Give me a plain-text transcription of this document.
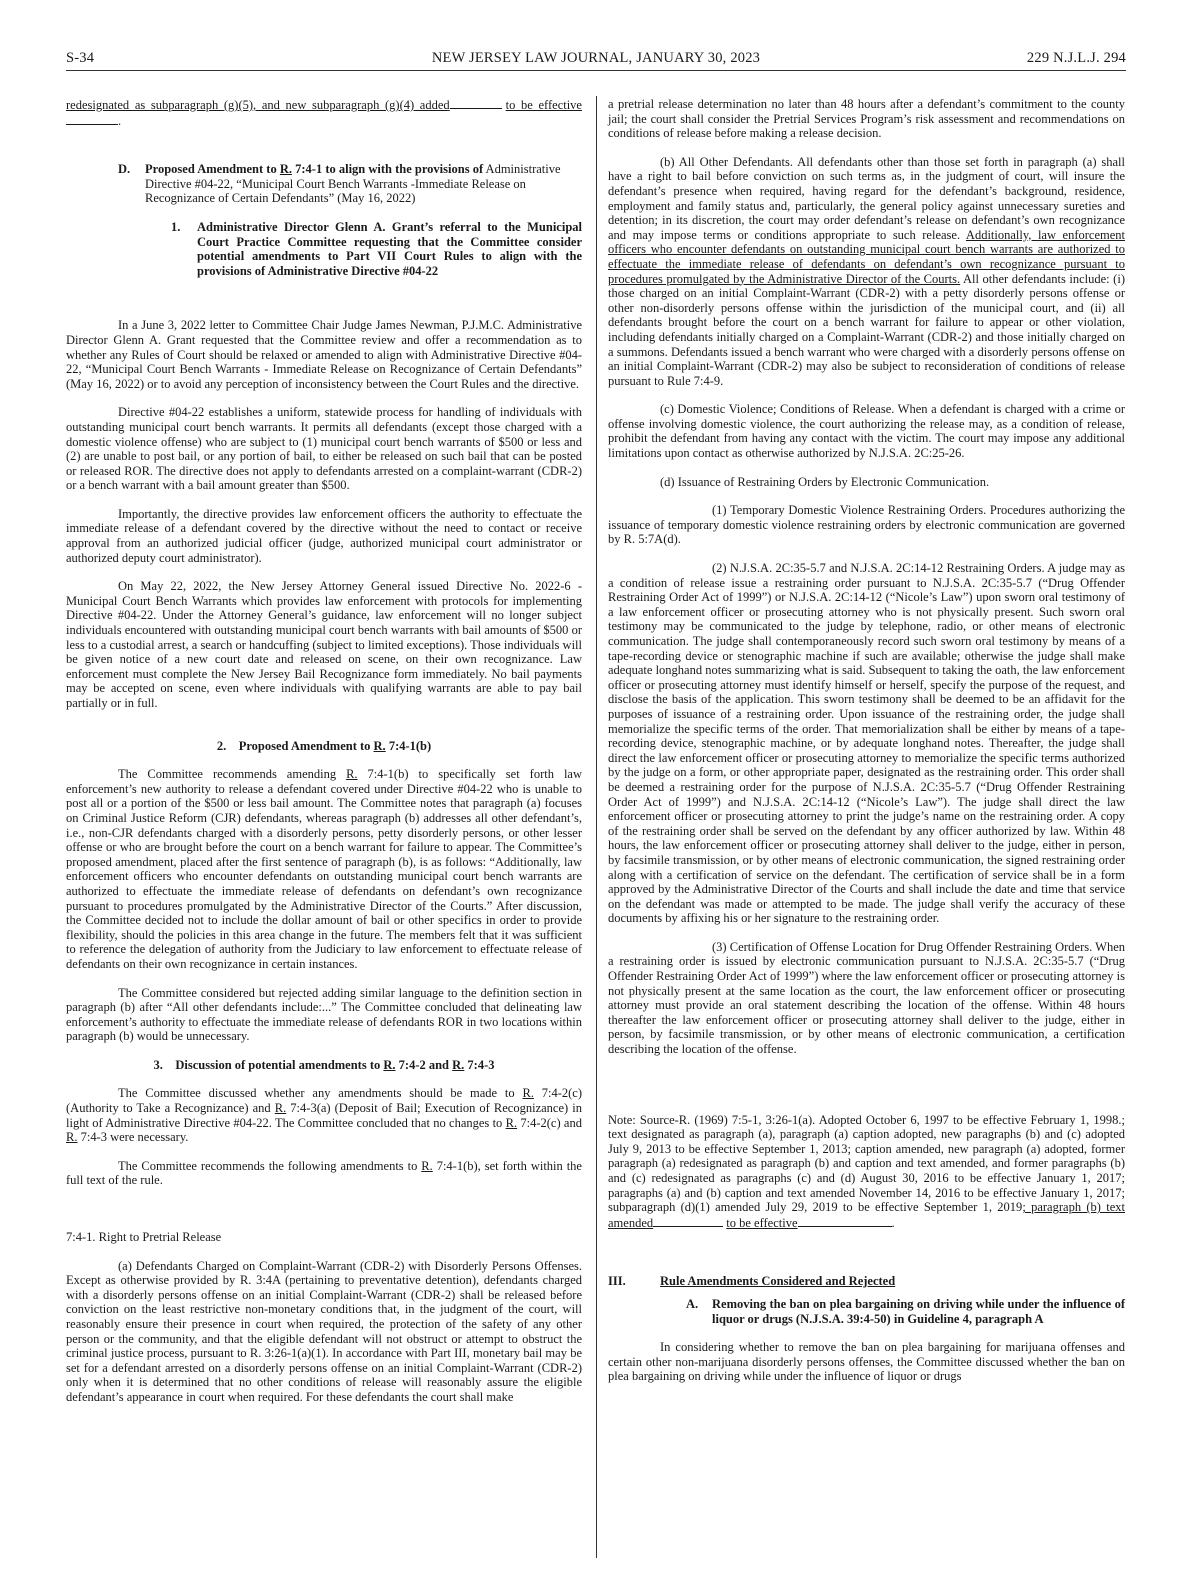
S-34	NEW JERSEY LAW JOURNAL, JANUARY 30, 2023	229 N.J.L.J. 294

redesignated as subparagraph (g)(5), and new subparagraph (g)(4) added	to be effective.

D.	Proposed Amendment to R. 7:4-1 to align with the provisions of Administrative Directive #04-22, “Municipal Court Bench Warrants -Immediate Release on Recognizance of Certain Defendants” (May 16, 2022)
1.	Administrative Director Glenn A. Grant’s referral to the Municipal Court Practice Committee requesting that the Committee consider potential amendments to Part VII Court Rules to align with the provisions of Administrative Directive #04-22

In a June 3, 2022 letter to Committee Chair Judge James Newman, P.J.M.C. Administrative Director Glenn A. Grant requested that the Committee review and offer a recommendation as to whether any Rules of Court should be relaxed or amended to align with Administrative Directive #04-22, “Municipal Court Bench Warrants - Immediate Release on Recognizance of Certain Defendants” (May 16, 2022) or to avoid any perception of inconsistency between the Court Rules and the directive.

Directive #04-22 establishes a uniform, statewide process for handling of individuals with outstanding municipal court bench warrants. It permits all defendants (except those charged with a domestic violence offense) who are subject to (1) municipal court bench warrants of $500 or less and (2) are unable to post bail, or any portion of bail, to either be released on such bail that can be posted or released ROR. The directive does not apply to defendants arrested on a complaint-warrant (CDR-2) or a bench warrant with a bail amount greater than $500.

Importantly, the directive provides law enforcement officers the authority to effectuate the immediate release of a defendant covered by the directive without the need to contact or receive approval from an authorized judicial officer (judge, authorized municipal court administrator or authorized deputy court administrator).

On May 22, 2022, the New Jersey Attorney General issued Directive No. 2022-6 - Municipal Court Bench Warrants which provides law enforcement with protocols for implementing Directive #04-22. Under the Attorney General’s guidance, law enforcement will no longer subject individuals encountered with outstanding municipal court bench warrants with bail amounts of $500 or less to a custodial arrest, a search or handcuffing (subject to limited exceptions). Those individuals will be given notice of a new court date and released on scene, on their own recognizance. Law enforcement must complete the New Jersey Bail Recognizance form immediately. No bail payments may be accepted on scene, even where individuals with qualifying warrants are able to pay bail partially or in full.

2.    Proposed Amendment to R. 7:4-1(b)

The Committee recommends amending R. 7:4-1(b) to specifically set forth law enforcement’s new authority to release a defendant covered under Directive #04-22 who is unable to post all or a portion of the $500 or less bail amount. The Committee notes that paragraph (a) focuses on Criminal Justice Reform (CJR) defendants, whereas paragraph (b) addresses all other defendant’s, i.e., non-CJR defendants charged with a disorderly persons, petty disorderly persons, or other lesser offense or who are brought before the court on a bench warrant for failure to appear. The Committee’s proposed amendment, placed after the first sentence of paragraph (b), is as follows: “Additionally, law enforcement officers who encounter defendants on outstanding municipal court bench warrants are authorized to effectuate the immediate release of defendants on defendant’s own recognizance pursuant to procedures promulgated by the Administrative Director of the Courts.” After discussion, the Committee decided not to include the dollar amount of bail or other specifics in order to provide flexibility, should the policies in this area change in the future. The members felt that it was sufficient to reference the delegation of authority from the Judiciary to law enforcement to effectuate release of defendants on their own recognizance in certain instances.

The Committee considered but rejected adding similar language to the definition section in paragraph (b) after “All other defendants include:...” The Committee concluded that delineating law enforcement’s authority to effectuate the immediate release of defendants ROR in two locations within paragraph (b) would be unnecessary.

3.    Discussion of potential amendments to R. 7:4-2 and R. 7:4-3

The Committee discussed whether any amendments should be made to R. 7:4-2(c) (Authority to Take a Recognizance) and R. 7:4-3(a) (Deposit of Bail; Execution of Recognizance) in light of Administrative Directive #04-22. The Committee concluded that no changes to R. 7:4-2(c) and R. 7:4-3 were necessary.

The Committee recommends the following amendments to R. 7:4-1(b), set forth within the full text of the rule.

7:4-1. Right to Pretrial Release

(a) Defendants Charged on Complaint-Warrant (CDR-2) with Disorderly Persons Offenses. Except as otherwise provided by R. 3:4A (pertaining to preventative detention), defendants charged with a disorderly persons offense on an initial Complaint-Warrant (CDR-2) shall be released before conviction on the least restrictive non-monetary conditions that, in the judgment of the court, will reasonably ensure their presence in court when required, the protection of the safety of any other person or the community, and that the eligible defendant will not obstruct or attempt to obstruct the criminal justice process, pursuant to R. 3:26-1(a)(1). In accordance with Part III, monetary bail may be set for a defendant arrested on a disorderly persons offense on an initial Complaint-Warrant (CDR-2) only when it is determined that no other conditions of release will reasonably assure the eligible defendant’s appearance in court when required. For these defendants the court shall make

a pretrial release determination no later than 48 hours after a defendant’s commitment to the county jail; the court shall consider the Pretrial Services Program’s risk assessment and recommendations on conditions of release before making a release decision.

(b) All Other Defendants. All defendants other than those set forth in paragraph (a) shall have a right to bail before conviction on such terms as, in the judgment of court, will insure the defendant’s presence when required, having regard for the defendant’s background, residence, employment and family status and, particularly, the general policy against unnecessary sureties and detention; in its discretion, the court may order defendant’s release on defendant’s own recognizance and may impose terms or conditions appropriate to such release. Additionally, law enforcement officers who encounter defendants on outstanding municipal court bench warrants are authorized to effectuate the immediate release of defendants on defendant’s own recognizance pursuant to procedures promulgated by the Administrative Director of the Courts. All other defendants include: (i) those charged on an initial Complaint-Warrant (CDR-2) with a petty disorderly persons offense or other non-disorderly persons offense within the jurisdiction of the municipal court, and (ii) all defendants brought before the court on a bench warrant for failure to appear or other violation, including defendants initially charged on a Complaint-Warrant (CDR-2) and those initially charged on a summons. Defendants issued a bench warrant who were charged with a disorderly persons offense on an initial Complaint-Warrant (CDR-2) may also be subject to reconsideration of conditions of release pursuant to Rule 7:4-9.

(c) Domestic Violence; Conditions of Release. When a defendant is charged with a crime or offense involving domestic violence, the court authorizing the release may, as a condition of release, prohibit the defendant from having any contact with the victim. The court may impose any additional limitations upon contact as otherwise authorized by N.J.S.A. 2C:25-26.

(d) Issuance of Restraining Orders by Electronic Communication.

(1) Temporary Domestic Violence Restraining Orders. Procedures authorizing the issuance of temporary domestic violence restraining orders by electronic communication are governed by R. 5:7A(d).

(2) N.J.S.A. 2C:35-5.7 and N.J.S.A. 2C:14-12 Restraining Orders. A judge may as a condition of release issue a restraining order pursuant to N.J.S.A. 2C:35-5.7 (“Drug Offender Restraining Order Act of 1999”) or N.J.S.A. 2C:14-12 (“Nicole’s Law”) upon sworn oral testimony of a law enforcement officer or prosecuting attorney who is not physically present. Such sworn oral testimony may be communicated to the judge by telephone, radio, or other means of electronic communication. The judge shall contemporaneously record such sworn oral testimony by means of a tape-recording device or stenographic machine if such are available; otherwise the judge shall make adequate longhand notes summarizing what is said. Subsequent to taking the oath, the law enforcement officer or prosecuting attorney must identify himself or herself, specify the purpose of the request, and disclose the basis of the application. This sworn testimony shall be deemed to be an affidavit for the purposes of issuance of a restraining order. Upon issuance of the restraining order, the judge shall memorialize the specific terms of the order. That memorialization shall be either by means of a tape-recording device, stenographic machine, or by adequate longhand notes. Thereafter, the judge shall direct the law enforcement officer or prosecuting attorney to memorialize the specific terms authorized by the judge on a form, or other appropriate paper, designated as the restraining order. This order shall be deemed a restraining order for the purpose of N.J.S.A. 2C:35-5.7 (“Drug Offender Restraining Order Act of 1999”) and N.J.S.A. 2C:14-12 (“Nicole’s Law”). The judge shall direct the law enforcement officer or prosecuting attorney to print the judge’s name on the restraining order. A copy of the restraining order shall be served on the defendant by any officer authorized by law. Within 48 hours, the law enforcement officer or prosecuting attorney shall deliver to the judge, either in person, by facsimile transmission, or by other means of electronic communication, the signed restraining order along with a certification of service on the defendant. The certification of service shall be in a form approved by the Administrative Director of the Courts and shall include the date and time that service on the defendant was made or attempted to be made. The judge shall verify the accuracy of these documents by affixing his or her signature to the restraining order.

(3) Certification of Offense Location for Drug Offender Restraining Orders. When a restraining order is issued by electronic communication pursuant to N.J.S.A. 2C:35-5.7 (“Drug Offender Restraining Order Act of 1999”) where the law enforcement officer or prosecuting attorney is not physically present at the same location as the court, the law enforcement officer or prosecuting attorney must provide an oral statement describing the location of the offense. Within 48 hours thereafter the law enforcement officer or prosecuting attorney shall deliver to the judge, either in person, by facsimile transmission, or by other means of electronic communication, a certification describing the location of the offense.

Note: Source-R. (1969) 7:5-1, 3:26-1(a). Adopted October 6, 1997 to be effective February 1, 1998.; text designated as paragraph (a), paragraph (a) caption adopted, new paragraphs (b) and (c) adopted July 9, 2013 to be effective September 1, 2013; caption amended, new paragraph (a) adopted, former paragraph (a) redesignated as paragraph (b) and caption and text amended, and former paragraphs (b) and (c) redesignated as paragraphs (c) and (d) August 30, 2016 to be effective January 1, 2017; paragraphs (a) and (b) caption and text amended November 14, 2016 to be effective January 1, 2017; subparagraph (d)(1) amended July 29, 2019 to be effective September 1, 2019; paragraph (b) text amended	to be effective	.

III.	Rule Amendments Considered and Rejected
A.	Removing the ban on plea bargaining on driving while under the influence of liquor or drugs (N.J.S.A. 39:4-50) in Guideline 4, paragraph A

In considering whether to remove the ban on plea bargaining for marijuana offenses and certain other non-marijuana disorderly persons offenses, the Committee discussed whether the ban on plea bargaining on driving while under the influence of liquor or drugs
